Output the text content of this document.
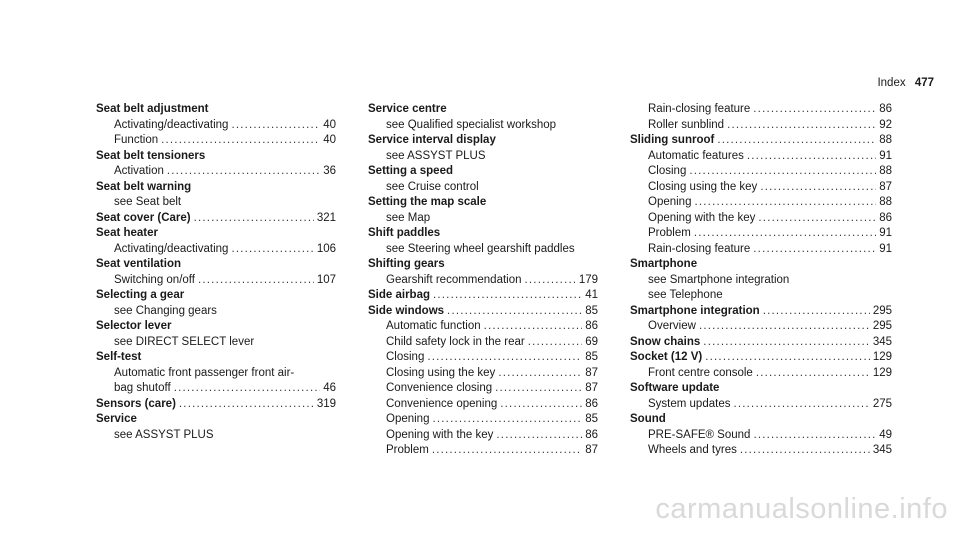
Index 477
Seat belt adjustment
Activating/deactivating .....	40
Function .....	40
Seat belt tensioners
Activation .....	36
Seat belt warning
see Seat belt
Seat cover (Care) .....	321
Seat heater
Activating/deactivating .....	106
Seat ventilation
Switching on/off .....	107
Selecting a gear
see Changing gears
Selector lever
see DIRECT SELECT lever
Self-test
Automatic front passenger front air-
bag shutoff .....	46
Sensors (care) .....	319
Service
see ASSYST PLUS
Service centre
see Qualified specialist workshop
Service interval display
see ASSYST PLUS
Setting a speed
see Cruise control
Setting the map scale
see Map
Shift paddles
see Steering wheel gearshift paddles
Shifting gears
Gearshift recommendation .....	179
Side airbag .....	41
Side windows .....	85
Automatic function .....	86
Child safety lock in the rear .....	69
Closing .....	85
Closing using the key .....	87
Convenience closing .....	87
Convenience opening .....	86
Opening .....	85
Opening with the key .....	86
Problem .....	87
Rain-closing feature .....	86
Roller sunblind .....	92
Sliding sunroof .....	88
Automatic features .....	91
Closing .....	88
Closing using the key .....	87
Opening .....	88
Opening with the key .....	86
Problem .....	91
Rain-closing feature .....	91
Smartphone
see Smartphone integration
see Telephone
Smartphone integration .....	295
Overview .....	295
Snow chains .....	345
Socket (12 V) .....	129
Front centre console .....	129
Software update
System updates .....	275
Sound
PRE-SAFE® Sound .....	49
Wheels and tyres .....	345
carmanualsonline.info
